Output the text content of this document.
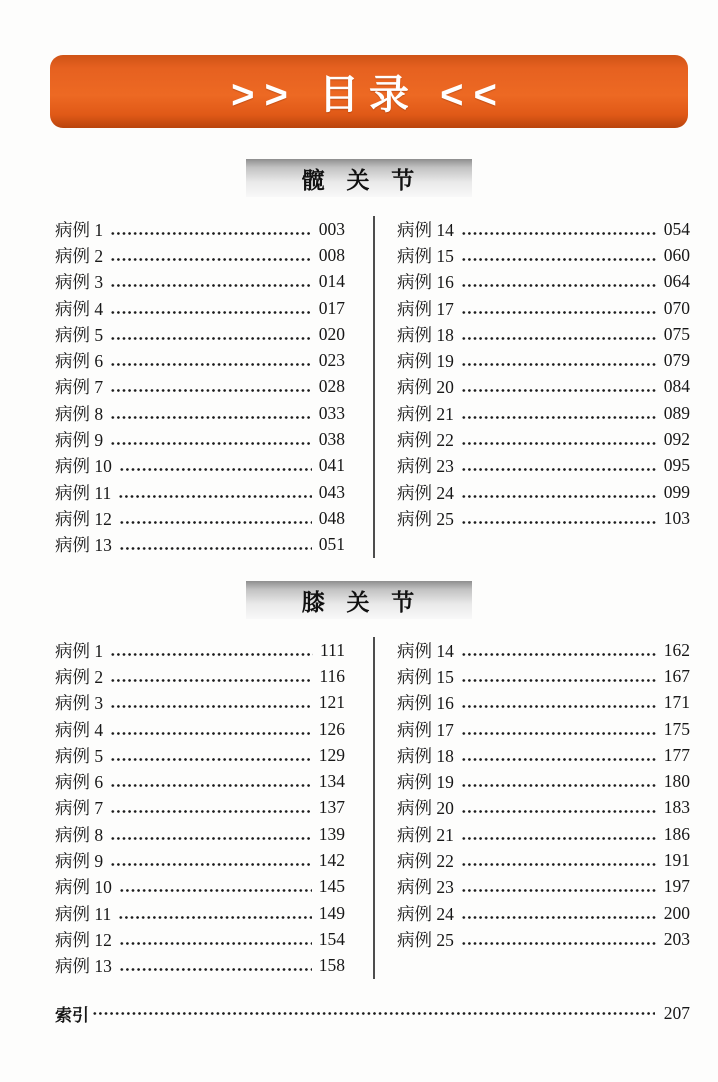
>> 目录 <<
髋 关 节
病例 1	003
病例 2	008
病例 3	014
病例 4	017
病例 5	020
病例 6	023
病例 7	028
病例 8	033
病例 9	038
病例 10	041
病例 11	043
病例 12	048
病例 13	051
病例 14	054
病例 15	060
病例 16	064
病例 17	070
病例 18	075
病例 19	079
病例 20	084
病例 21	089
病例 22	092
病例 23	095
病例 24	099
病例 25	103
膝 关 节
病例 1	111
病例 2	116
病例 3	121
病例 4	126
病例 5	129
病例 6	134
病例 7	137
病例 8	139
病例 9	142
病例 10	145
病例 11	149
病例 12	154
病例 13	158
病例 14	162
病例 15	167
病例 16	171
病例 17	175
病例 18	177
病例 19	180
病例 20	183
病例 21	186
病例 22	191
病例 23	197
病例 24	200
病例 25	203
索引	207
